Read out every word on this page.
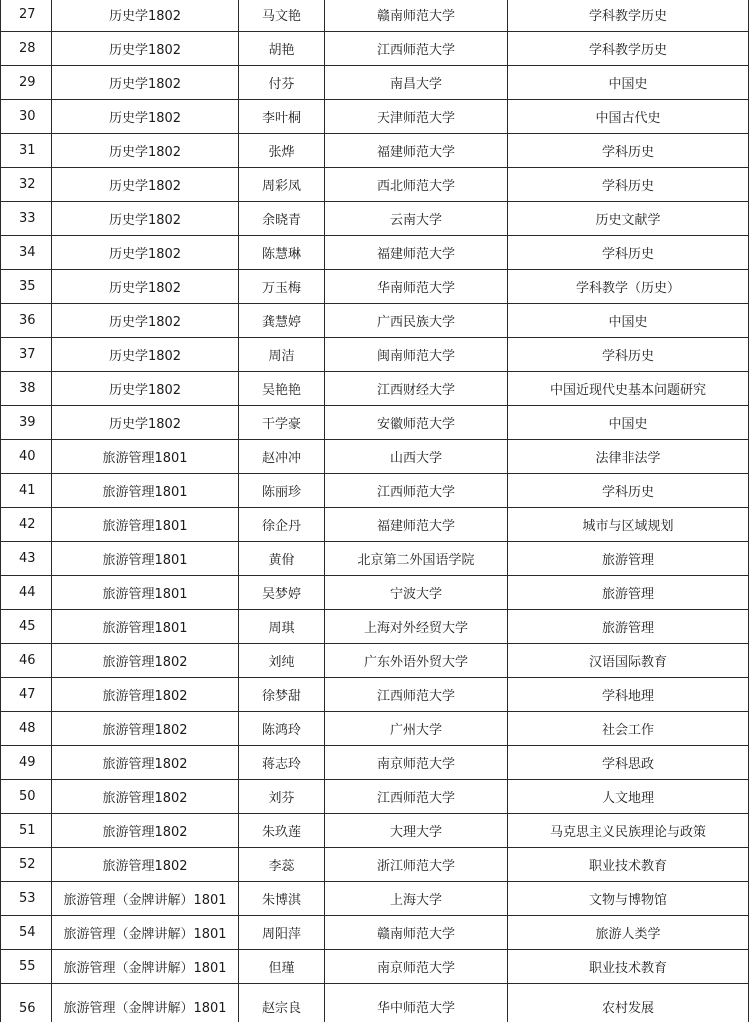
27	历史学1802	马文艳	赣南师范大学	学科教学历史
28	历史学1802	胡艳	江西师范大学	学科教学历史
29	历史学1802	付芬	南昌大学	中国史
30	历史学1802	李叶桐	天津师范大学	中国古代史
31	历史学1802	张烨	福建师范大学	学科历史
32	历史学1802	周彩凤	西北师范大学	学科历史
33	历史学1802	余晓青	云南大学	历史文献学
34	历史学1802	陈慧琳	福建师范大学	学科历史
35	历史学1802	万玉梅	华南师范大学	学科教学（历史）
36	历史学1802	龚慧婷	广西民族大学	中国史
37	历史学1802	周洁	闽南师范大学	学科历史
38	历史学1802	吴艳艳	江西财经大学	中国近现代史基本问题研究
39	历史学1802	干学豪	安徽师范大学	中国史
40	旅游管理1801	赵冲冲	山西大学	法律非法学
41	旅游管理1801	陈丽珍	江西师范大学	学科历史
42	旅游管理1801	徐企丹	福建师范大学	城市与区域规划
43	旅游管理1801	黄佾	北京第二外国语学院	旅游管理
44	旅游管理1801	吴梦婷	宁波大学	旅游管理
45	旅游管理1801	周琪	上海对外经贸大学	旅游管理
46	旅游管理1802	刘纯	广东外语外贸大学	汉语国际教育
47	旅游管理1802	徐梦甜	江西师范大学	学科地理
48	旅游管理1802	陈鸿玲	广州大学	社会工作
49	旅游管理1802	蒋志玲	南京师范大学	学科思政
50	旅游管理1802	刘芬	江西师范大学	人文地理
51	旅游管理1802	朱玖莲	大理大学	马克思主义民族理论与政策
52	旅游管理1802	李蕊	浙江师范大学	职业技术教育
53	旅游管理（金牌讲解）1801	朱博淇	上海大学	文物与博物馆
54	旅游管理（金牌讲解）1801	周阳萍	赣南师范大学	旅游人类学
55	旅游管理（金牌讲解）1801	但瑾	南京师范大学	职业技术教育
56	旅游管理（金牌讲解）1801	赵宗良	华中师范大学	农村发展
